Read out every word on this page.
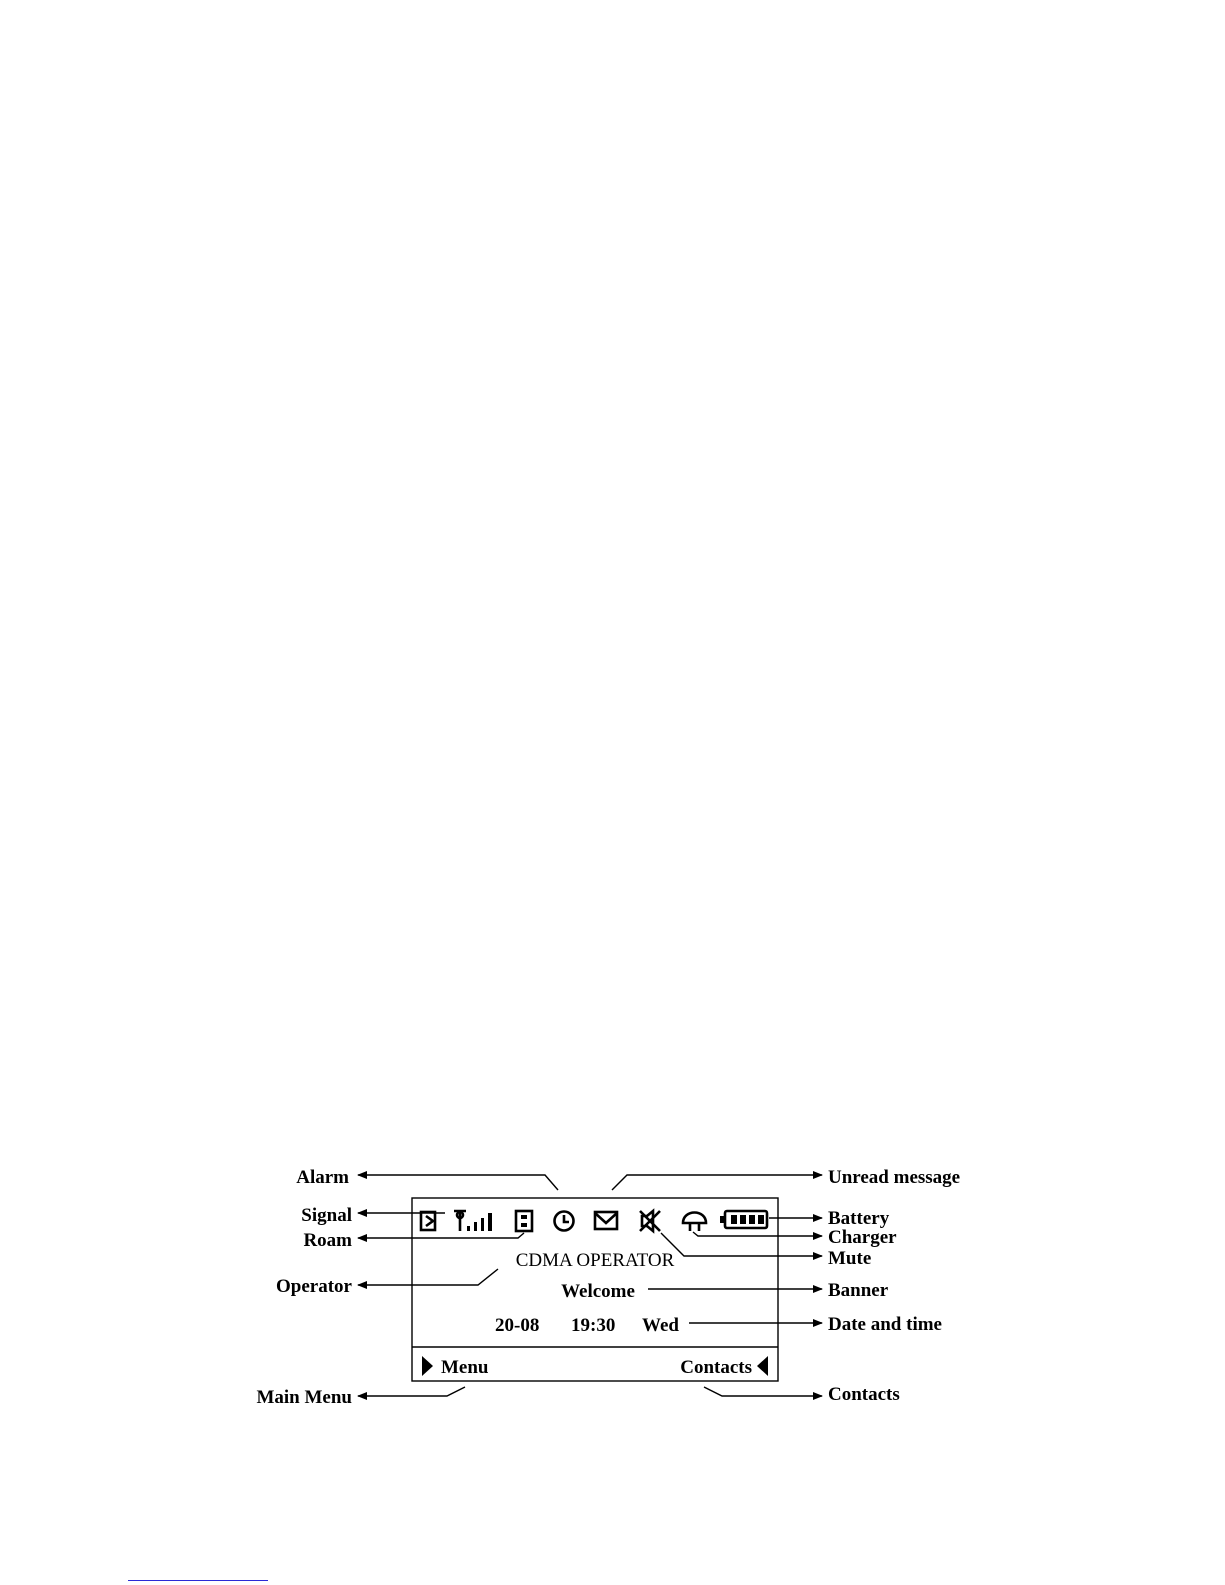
CDMA OPERATOR
Welcome
20-08 19:30 Wed
Menu	Contacts
Alarm
Signal
Roam
Operator
Main Menu
Unread message
Battery
Charger
Mute
Banner
Date and time
Contacts
